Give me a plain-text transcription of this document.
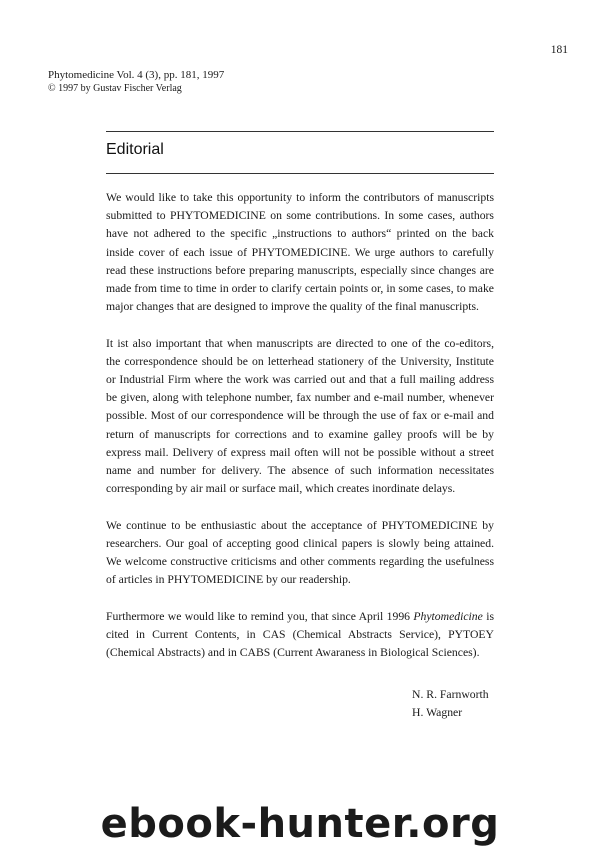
181
Phytomedicine Vol. 4 (3), pp. 181, 1997
© 1997 by Gustav Fischer Verlag
Editorial

We would like to take this opportunity to inform the contributors of manuscripts submitted to PHYTOMEDICINE on some contributions. In some cases, authors have not adhered to the specific „instructions to authors“ printed on the back inside cover of each issue of PHYTOMEDICINE. We urge authors to carefully read these instructions before preparing manuscripts, especially since changes are made from time to time in order to clarify certain points or, in some cases, to make major changes that are designed to improve the quality of the final manuscripts.

It ist also important that when manuscripts are directed to one of the co-editors, the correspondence should be on letterhead stationery of the University, Institute or Industrial Firm where the work was carried out and that a full mailing address be given, along with telephone number, fax number and e-mail number, whenever possible. Most of our correspondence will be through the use of fax or e-mail and return of manuscripts for corrections and to examine galley proofs will be by express mail. Delivery of express mail often will not be possible without a street name and number for delivery. The absence of such information necessitates corresponding by air mail or surface mail, which creates inordinate delays.

We continue to be enthusiastic about the acceptance of PHYTOMEDICINE by researchers. Our goal of accepting good clinical papers is slowly being attained. We welcome constructive criticisms and other comments regarding the usefulness of articles in PHYTOMEDICINE by our readership.

Furthermore we would like to remind you, that since April 1996 Phytomedicine is cited in Current Contents, in CAS (Chemical Abstracts Service), PYTOEY (Chemical Abstracts) and in CABS (Current Awaraness in Biological Sciences).

N. R. Farnworth
H. Wagner
ebook-hunter.org
